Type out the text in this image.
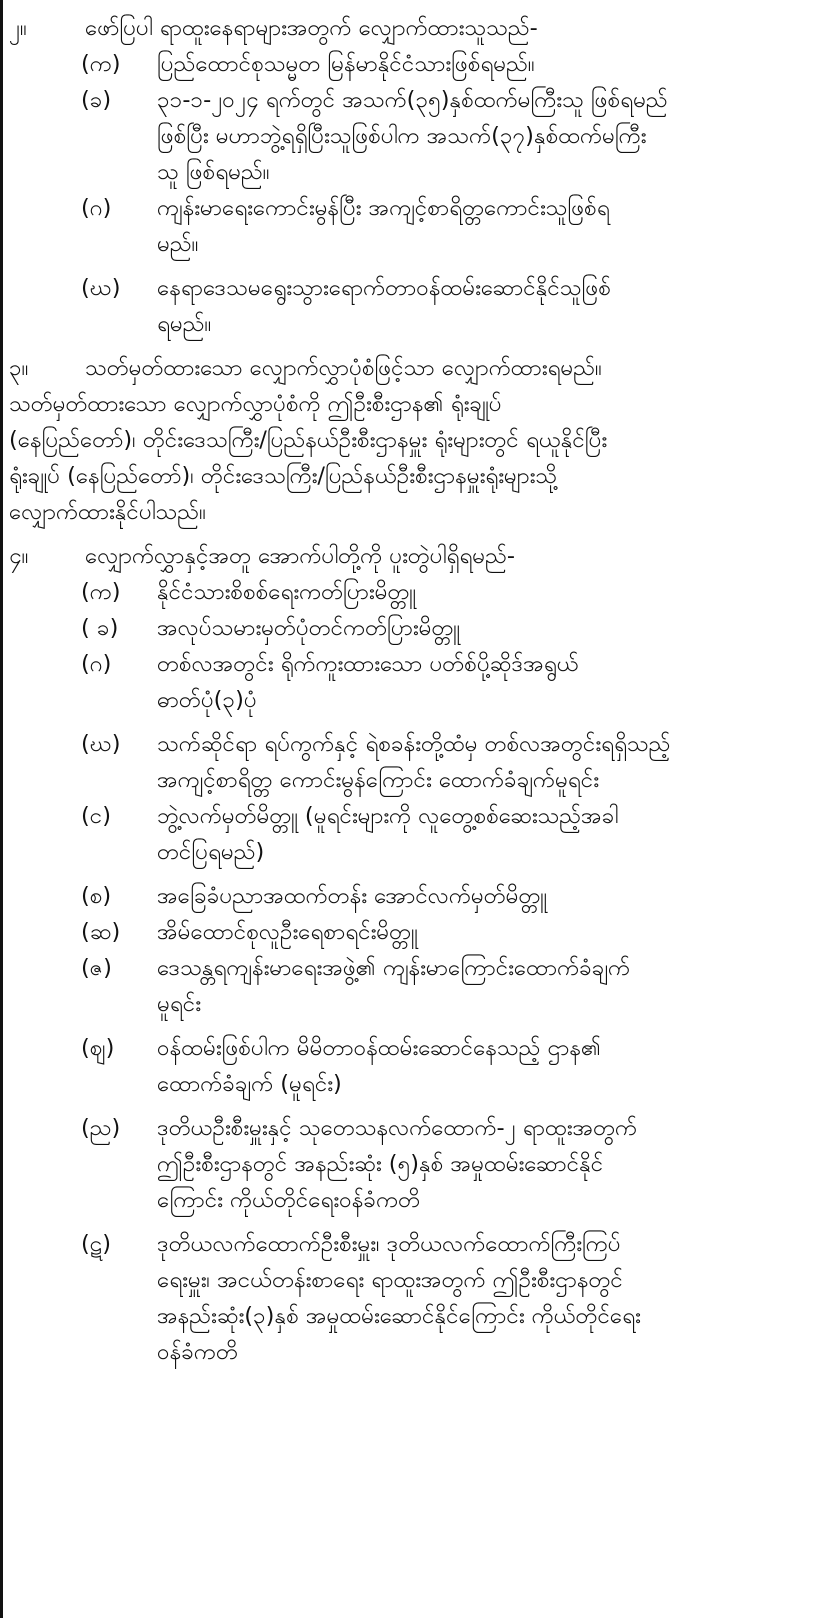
၂။	ဖော်ပြပါ ရာထူးနေရာများအတွက် လျှောက်ထားသူသည်-
(က)	ပြည်ထောင်စုသမ္မတ မြန်မာနိုင်ငံသားဖြစ်ရမည်။
(ခ)	၃၁-၁-၂၀၂၄ ရက်တွင် အသက်(၃၅)နှစ်ထက်မကြီးသူ ဖြစ်ရမည်
ဖြစ်ပြီး မဟာဘွဲ့ရရှိပြီးသူဖြစ်ပါက အသက်(၃၇)နှစ်ထက်မကြီး
သူ ဖြစ်ရမည်။
(ဂ)	ကျန်းမာရေးကောင်းမွန်ပြီး အကျင့်စာရိတ္တကောင်းသူဖြစ်ရ
မည်။
(ဃ)	နေရာဒေသမရွေးသွားရောက်တာဝန်ထမ်းဆောင်နိုင်သူဖြစ်
ရမည်။
၃။	သတ်မှတ်ထားသော လျှောက်လွှာပုံစံဖြင့်သာ လျှောက်ထားရမည်။
သတ်မှတ်ထားသော လျှောက်လွှာပုံစံကို ဤဦးစီးဌာန၏ ရုံးချုပ်
(နေပြည်တော်)၊ တိုင်းဒေသကြီး/ပြည်နယ်ဦးစီးဌာနမှူး ရုံးများတွင် ရယူနိုင်ပြီး
ရုံးချုပ် (နေပြည်တော်)၊ တိုင်းဒေသကြီး/ပြည်နယ်ဦးစီးဌာနမှူးရုံးများသို့
လျှောက်ထားနိုင်ပါသည်။
၄။	လျှောက်လွှာနှင့်အတူ အောက်ပါတို့ကို ပူးတွဲပါရှိရမည်-
(က)	နိုင်ငံသားစိစစ်ရေးကတ်ပြားမိတ္တူ
( ခ)	အလုပ်သမားမှတ်ပုံတင်ကတ်ပြားမိတ္တူ
(ဂ)	တစ်လအတွင်း ရိုက်ကူးထားသော ပတ်စ်ပို့ဆိုဒ်အရွယ်
ဓာတ်ပုံ(၃)ပုံ
(ဃ)	သက်ဆိုင်ရာ ရပ်ကွက်နှင့် ရဲစခန်းတို့ထံမှ တစ်လအတွင်းရရှိသည့်
အကျင့်စာရိတ္တ ကောင်းမွန်ကြောင်း ထောက်ခံချက်မူရင်း
(င)	ဘွဲ့လက်မှတ်မိတ္တူ (မူရင်းများကို လူတွေ့စစ်ဆေးသည့်အခါ
တင်ပြရမည်)
(စ)	အခြေခံပညာအထက်တန်း အောင်လက်မှတ်မိတ္တူ
(ဆ)	အိမ်ထောင်စုလူဦးရေစာရင်းမိတ္တူ
(ဇ)	ဒေသန္တရကျန်းမာရေးအဖွဲ့၏ ကျန်းမာကြောင်းထောက်ခံချက်
မူရင်း
(ဈ)	ဝန်ထမ်းဖြစ်ပါက မိမိတာဝန်ထမ်းဆောင်နေသည့် ဌာန၏
ထောက်ခံချက် (မူရင်း)
(ည)	ဒုတိယဦးစီးမှူးနှင့် သုတေသနလက်ထောက်-၂ ရာထူးအတွက်
ဤဦးစီးဌာနတွင် အနည်းဆုံး (၅)နှစ် အမှုထမ်းဆောင်နိုင်
ကြောင်း ကိုယ်တိုင်ရေးဝန်ခံကတိ
(ဋ)	ဒုတိယလက်ထောက်ဦးစီးမှူး၊ ဒုတိယလက်ထောက်ကြီးကြပ်
ရေးမှူး၊ အငယ်တန်းစာရေး ရာထူးအတွက် ဤဦးစီးဌာနတွင်
အနည်းဆုံး(၃)နှစ် အမှုထမ်းဆောင်နိုင်ကြောင်း ကိုယ်တိုင်ရေး
ဝန်ခံကတိ
